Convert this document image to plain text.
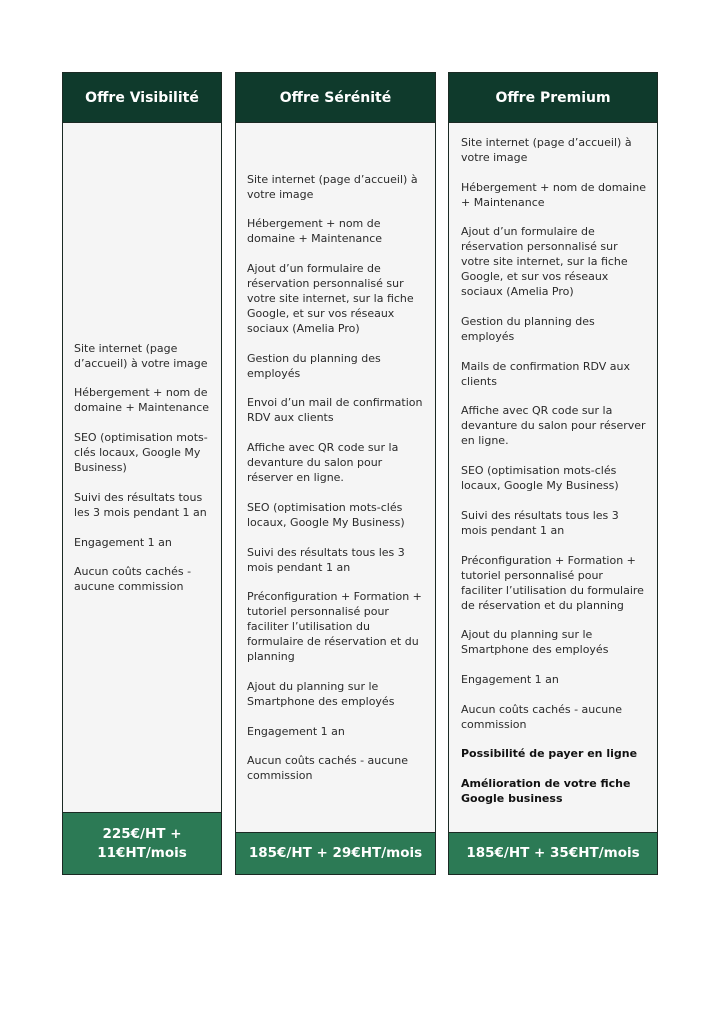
Offre Visibilité
Site internet (page d’accueil) à votre image
Hébergement + nom de domaine + Maintenance
SEO (optimisation mots-clés locaux, Google My Business)
Suivi des résultats tous les 3 mois pendant 1 an
Engagement 1 an
Aucun coûts cachés - aucune commission
225€/HT + 11€HT/mois
Offre Sérénité
Site internet (page d’accueil) à votre image
Hébergement + nom de domaine + Maintenance
Ajout d’un formulaire de réservation personnalisé sur votre site internet, sur la fiche Google, et sur vos réseaux sociaux (Amelia Pro)
Gestion du planning des employés
Envoi d’un mail de confirmation RDV aux clients
Affiche avec QR code sur la devanture du salon pour réserver en ligne.
SEO (optimisation mots-clés locaux, Google My Business)
Suivi des résultats tous les 3 mois pendant 1 an
Préconfiguration + Formation + tutoriel personnalisé pour faciliter l’utilisation du formulaire de réservation et du planning
Ajout du planning sur le Smartphone des employés
Engagement 1 an
Aucun coûts cachés - aucune commission
185€/HT + 29€HT/mois
Offre Premium
Site internet (page d’accueil) à votre image
Hébergement + nom de domaine + Maintenance
Ajout d’un formulaire de réservation personnalisé sur votre site internet, sur la fiche Google, et sur vos réseaux sociaux (Amelia Pro)
Gestion du planning des employés
Mails de confirmation RDV aux clients
Affiche avec QR code sur la devanture du salon pour réserver en ligne.
SEO (optimisation mots-clés locaux, Google My Business)
Suivi des résultats tous les 3 mois pendant 1 an
Préconfiguration + Formation + tutoriel personnalisé pour faciliter l’utilisation du formulaire de réservation et du planning
Ajout du planning sur le Smartphone des employés
Engagement 1 an
Aucun coûts cachés - aucune commission
Possibilité de payer en ligne
Amélioration de votre fiche Google business
185€/HT + 35€HT/mois
